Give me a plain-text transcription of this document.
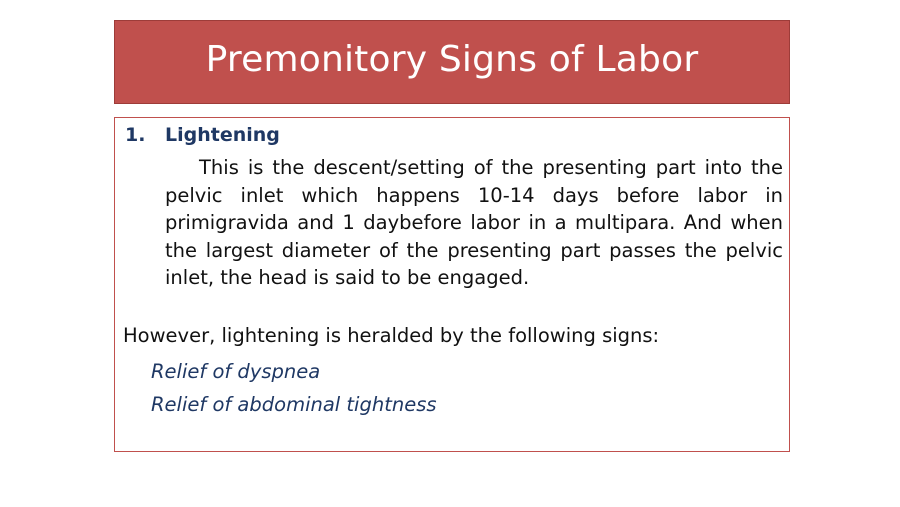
Premonitory Signs of Labor
1. Lightening
This is the descent/setting of the presenting part into the pelvic inlet which happens 10-14 days before labor in primigravida and 1 daybefore labor in a multipara. And when the largest diameter of the presenting part passes the pelvic inlet, the head is said to be engaged.
However, lightening is heralded by the following signs:
Relief of dyspnea
Relief of abdominal tightness
